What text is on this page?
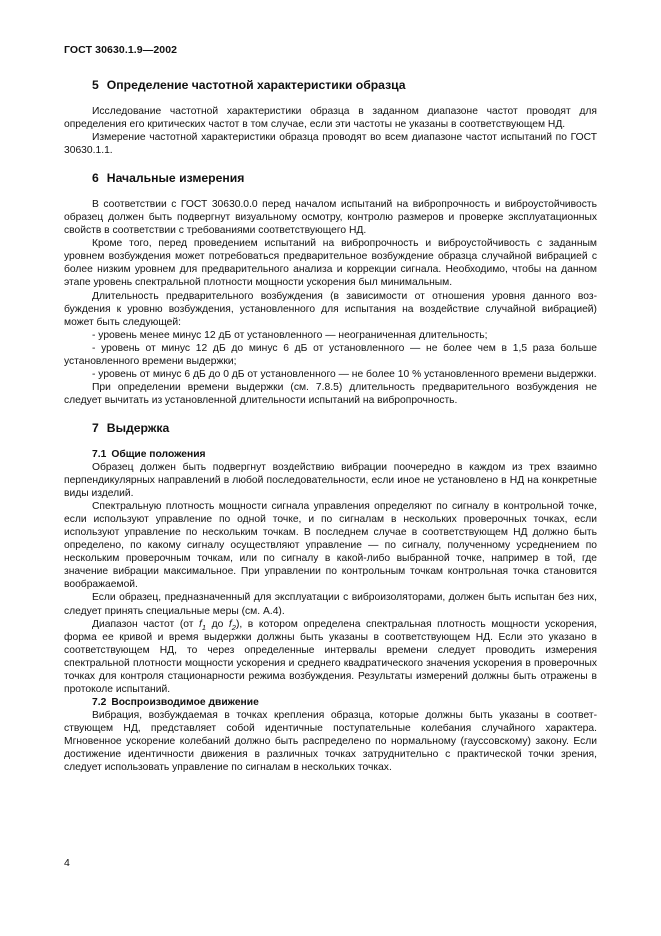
ГОСТ 30630.1.9—2002
5 Определение частотной характеристики образца

Исследование частотной характеристики образца в заданном диапазоне частот проводят для определения его критических частот в том случае, если эти частоты не указаны в соответствующем НД.

Измерение частотной характеристики образца проводят во всем диапазоне частот испытаний по ГОСТ 30630.1.1.

6 Начальные измерения

В соответствии с ГОСТ 30630.0.0 перед началом испытаний на вибропрочность и виброустойчивость образец должен быть подвергнут визуальному осмотру, контролю размеров и проверке эксплуатационных свойств в соответствии с требованиями соответствующего НД.

Кроме того, перед проведением испытаний на вибропрочность и виброустойчивость с заданным уровнем возбуждения может потребоваться предварительное возбуждение образца случайной вибрацией с более низким уровнем для предварительного анализа и коррекции сигнала. Необходимо, чтобы на данном этапе уровень спектральной плотности мощности ускорения был минимальным.

Длительность предварительного возбуждения (в зависимости от отношения уровня данного возбуждения к уровню возбуждения, установленного для испытания на воздействие случайной вибрацией) может быть следующей:

- уровень менее минус 12 дБ от установленного — неограниченная длительность;

- уровень от минус 12 дБ до минус 6 дБ от установленного — не более чем в 1,5 раза больше установленного времени выдержки;

- уровень от минус 6 дБ до 0 дБ от установленного — не более 10 % установленного времени выдержки.

При определении времени выдержки (см. 7.8.5) длительность предварительного возбуждения не следует вычитать из установленной длительности испытаний на вибропрочность.

7 Выдержка

7.1 Общие положения

Образец должен быть подвергнут воздействию вибрации поочередно в каждом из трех взаимно перпендикулярных направлений в любой последовательности, если иное не установлено в НД на конкретные виды изделий.

Спектральную плотность мощности сигнала управления определяют по сигналу в контрольной точке, если используют управление по одной точке, и по сигналам в нескольких проверочных точках, если используют управление по нескольким точкам. В последнем случае в соответствующем НД должно быть определено, по какому сигналу осуществляют управление — по сигналу, полученному усреднением по нескольким проверочным точкам, или по сигналу в какой-либо выбранной точке, например в той, где значение вибрации максимальное. При управлении по контрольным точкам контрольная точка становится воображаемой.

Если образец, предназначенный для эксплуатации с виброизоляторами, должен быть испытан без них, следует принять специальные меры (см. А.4).

Диапазон частот (от $f_1$ до $f_2$), в котором определена спектральная плотность мощности ускорения, форма ее кривой и время выдержки должны быть указаны в соответствующем НД. Если это указано в соответствующем НД, то через определенные интервалы времени следует проводить измерения спектральной плотности мощности ускорения и среднего квадратического значения ускорения в проверочных точках для контроля стационарности режима возбуждения. Результаты измерений должны быть отражены в протоколе испытаний.

7.2 Воспроизводимое движение

Вибрация, возбуждаемая в точках крепления образца, которые должны быть указаны в соответствующем НД, представляет собой идентичные поступательные колебания случайного характера. Мгновенное ускорение колебаний должно быть распределено по нормальному (гауссовскому) закону. Если достижение идентичности движения в различных точках затруднительно с практической точки зрения, следует использовать управление по сигналам в нескольких точках.

4
